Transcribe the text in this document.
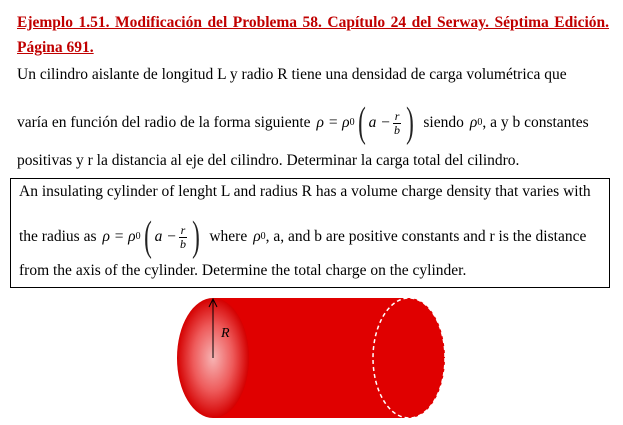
Ejemplo 1.51. Modificación del Problema 58. Capítulo 24 del Serway. Séptima Edición. Página 691.
Un cilindro aislante de longitud L y radio R tiene una densidad de carga volumétrica que
varía en función del radio de la forma siguiente ρ = ρ 0 ( $a - \frac{r}{b}$ ) siendo ρ 0 , a y b constantes
positivas y r la distancia al eje del cilindro. Determinar la carga total del cilindro.
An insulating cylinder of lenght L and radius R has a volume charge density that varies with
the radius as ρ = ρ 0 ( $a - \frac{r}{b}$ ) where ρ 0 , a, and b are positive constants and r is the distance
from the axis of the cylinder. Determine the total charge on the cylinder.
R
